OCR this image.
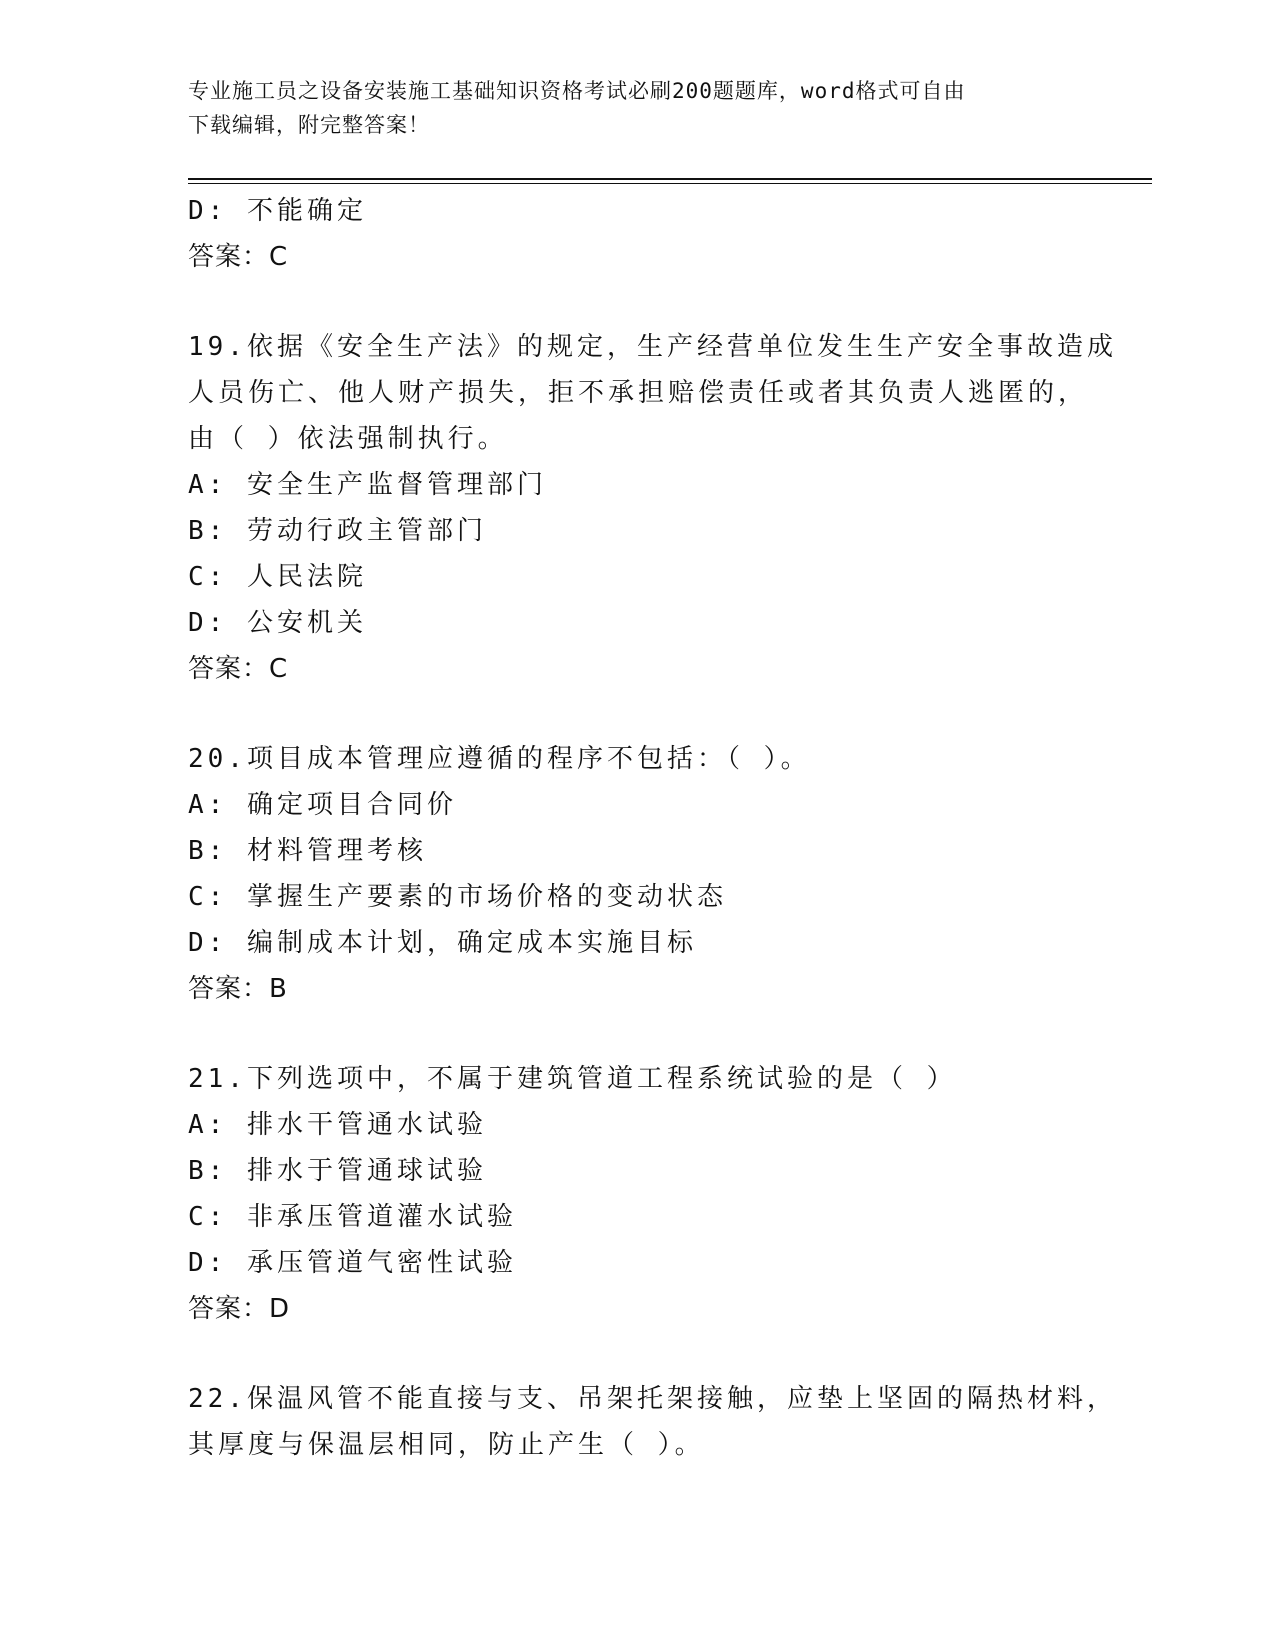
专业施工员之设备安装施工基础知识资格考试必刷200题题库，word格式可自由
下载编辑，附完整答案！
D: 不能确定
答案：C
19.依据《安全生产法》的规定，生产经营单位发生生产安全事故造成
人员伤亡、他人财产损失，拒不承担赔偿责任或者其负责人逃匿的，
由（ ）依法强制执行。
A: 安全生产监督管理部门
B: 劳动行政主管部门
C: 人民法院
D: 公安机关
答案：C
20.项目成本管理应遵循的程序不包括：（ ）。
A: 确定项目合同价
B: 材料管理考核
C: 掌握生产要素的市场价格的变动状态
D: 编制成本计划，确定成本实施目标
答案：B
21.下列选项中，不属于建筑管道工程系统试验的是（ ）
A: 排水干管通水试验
B: 排水于管通球试验
C: 非承压管道灌水试验
D: 承压管道气密性试验
答案：D
22.保温风管不能直接与支、吊架托架接触，应垫上坚固的隔热材料，
其厚度与保温层相同，防止产生（ ）。
